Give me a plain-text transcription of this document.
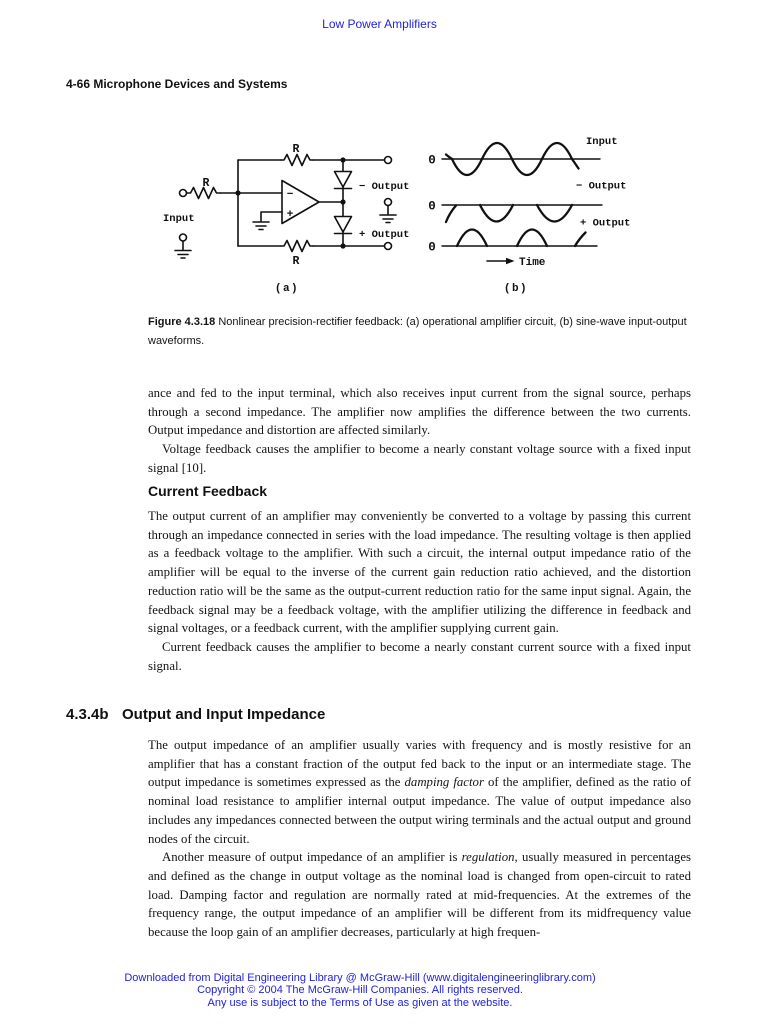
Low Power Amplifiers
4-66 Microphone Devices and Systems
R
R
R
Input
−
+
− Output
+ Output
(a)
0
0
0
Input
− Output
+ Output
Time
(b)
Figure 4.3.18 Nonlinear precision-rectifier feedback: (a) operational amplifier circuit, (b) sine-wave input-output waveforms.

ance and fed to the input terminal, which also receives input current from the signal source, perhaps through a second impedance. The amplifier now amplifies the difference between the two currents. Output impedance and distortion are affected similarly.

Voltage feedback causes the amplifier to become a nearly constant voltage source with a fixed input signal [10].

Current Feedback

The output current of an amplifier may conveniently be converted to a voltage by passing this current through an impedance connected in series with the load impedance. The resulting voltage is then applied as a feedback voltage to the amplifier. With such a circuit, the internal output impedance ratio of the amplifier will be equal to the inverse of the current gain reduction ratio achieved, and the distortion reduction ratio will be the same as the output-current reduction ratio for the same input signal. Again, the feedback signal may be a feedback voltage, with the amplifier utilizing the difference in feedback and signal voltages, or a feedback current, with the amplifier supplying current gain.

Current feedback causes the amplifier to become a nearly constant current source with a fixed input signal.

4.3.4b Output and Input Impedance

The output impedance of an amplifier usually varies with frequency and is mostly resistive for an amplifier that has a constant fraction of the output fed back to the input or an intermediate stage. The output impedance is sometimes expressed as the damping factor of the amplifier, defined as the ratio of nominal load resistance to amplifier internal output impedance. The value of output impedance also includes any impedances connected between the output wiring terminals and the actual output and ground nodes of the circuit.

Another measure of output impedance of an amplifier is regulation, usually measured in percentages and defined as the change in output voltage as the nominal load is changed from open-circuit to rated load. Damping factor and regulation are normally rated at mid-frequencies. At the extremes of the frequency range, the output impedance of an amplifier will be different from its midfrequency value because the loop gain of an amplifier decreases, particularly at high frequen-

Downloaded from Digital Engineering Library @ McGraw-Hill (www.digitalengineeringlibrary.com)
Copyright © 2004 The McGraw-Hill Companies. All rights reserved.
Any use is subject to the Terms of Use as given at the website.
